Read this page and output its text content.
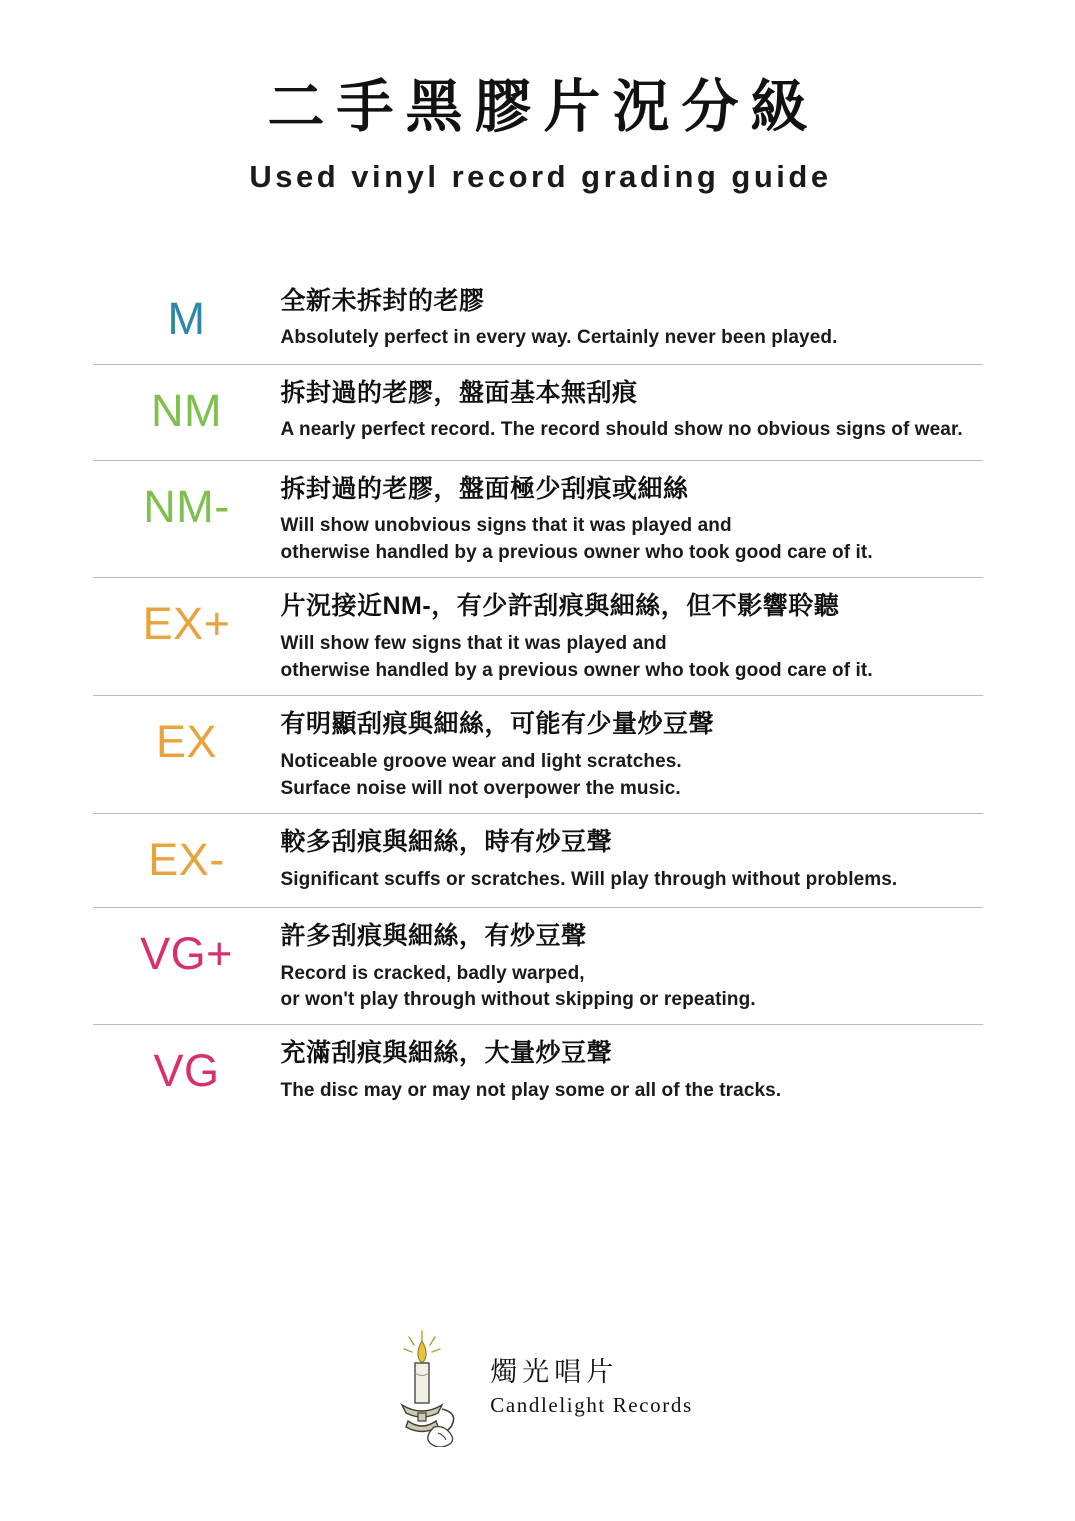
二手黑膠片況分級
Used vinyl record grading guide
M	全新未拆封的老膠
Absolutely perfect in every way. Certainly never been played.
NM	拆封過的老膠，盤面基本無刮痕
A nearly perfect record. The record should show no obvious signs of wear.
NM-	拆封過的老膠，盤面極少刮痕或細絲
Will show unobvious signs that it was played and
otherwise handled by a previous owner who took good care of it.
EX+	片況接近NM-，有少許刮痕與細絲，但不影響聆聽
Will show few signs that it was played and
otherwise handled by a previous owner who took good care of it.
EX	有明顯刮痕與細絲，可能有少量炒豆聲
Noticeable groove wear and light scratches.
Surface noise will not overpower the music.
EX-	較多刮痕與細絲，時有炒豆聲
Significant scuffs or scratches. Will play through without problems.
VG+	許多刮痕與細絲，有炒豆聲
Record is cracked, badly warped,
or won't play through without skipping or repeating.
VG	充滿刮痕與細絲，大量炒豆聲
The disc may or may not play some or all of the tracks.
燭光唱片
Candlelight Records
